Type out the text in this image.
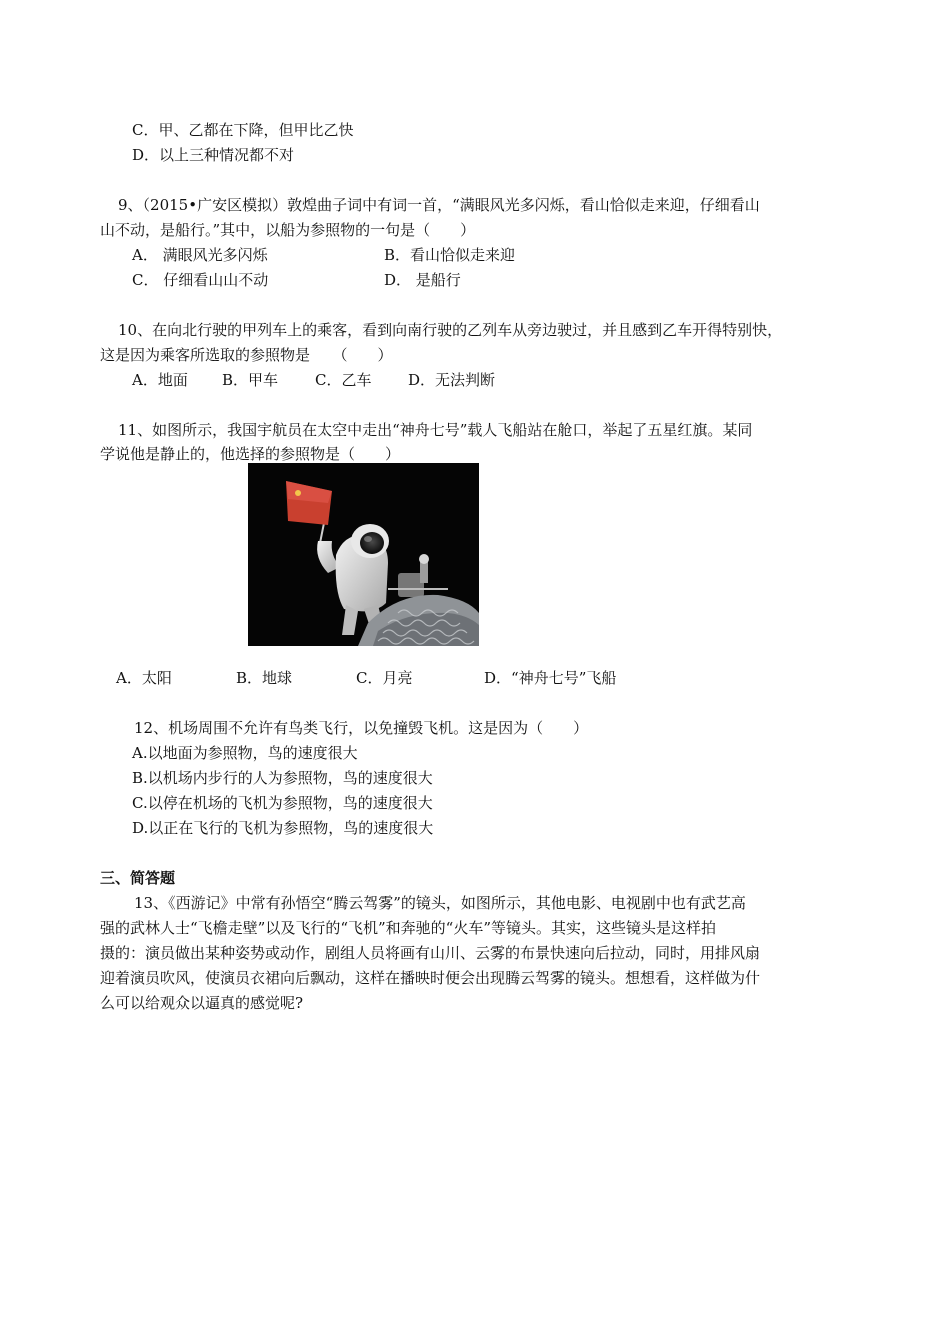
C．甲、乙都在下降，但甲比乙快
D．以上三种情况都不对
9、（2015•广安区模拟）敦煌曲子词中有词一首，“满眼风光多闪烁，看山恰似走来迎，仔细看山
山不动，是船行。”其中，以船为参照物的一句是（　　）
A． 满眼风光多闪烁	B．看山恰似走来迎
C． 仔细看山山不动	D． 是船行
10、在向北行驶的甲列车上的乘客，看到向南行驶的乙列车从旁边驶过，并且感到乙车开得特别快，
这是因为乘客所选取的参照物是　　（　　）
A．地面 B．甲车 C．乙车 D．无法判断
11、如图所示，我国宇航员在太空中走出“神舟七号”载人飞船站在舱口，举起了五星红旗。某同
学说他是静止的，他选择的参照物是（　　）
A．太阳	B．地球	C．月亮	D．“神舟七号”飞船
12、机场周围不允许有鸟类飞行，以免撞毁飞机。这是因为（　　）
A.以地面为参照物，鸟的速度很大
B.以机场内步行的人为参照物，鸟的速度很大
C.以停在机场的飞机为参照物，鸟的速度很大
D.以正在飞行的飞机为参照物，鸟的速度很大
三、简答题
13、《西游记》中常有孙悟空“腾云驾雾”的镜头，如图所示，其他电影、电视剧中也有武艺高
强的武林人士“飞檐走壁”以及飞行的“飞机”和奔驰的“火车”等镜头。其实，这些镜头是这样拍
摄的：演员做出某种姿势或动作，剧组人员将画有山川、云雾的布景快速向后拉动，同时，用排风扇
迎着演员吹风，使演员衣裙向后飘动，这样在播映时便会出现腾云驾雾的镜头。想想看，这样做为什
么可以给观众以逼真的感觉呢?
